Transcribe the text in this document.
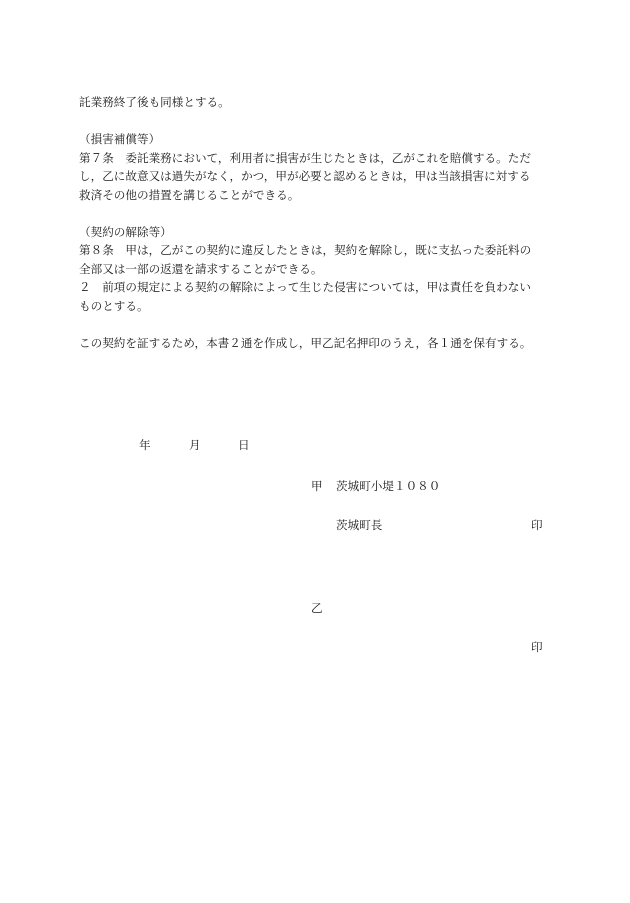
託業務終了後も同様とする。

（損害補償等）

第７条　委託業務において，利用者に損害が生じたときは，乙がこれを賠償する。ただ

し，乙に故意又は過失がなく，かつ，甲が必要と認めるときは，甲は当該損害に対する

救済その他の措置を講じることができる。

（契約の解除等）

第８条　甲は，乙がこの契約に違反したときは，契約を解除し，既に支払った委託料の

全部又は一部の返還を請求することができる。

２　前項の規定による契約の解除によって生じた侵害については，甲は責任を負わない

ものとする。

この契約を証するため，本書２通を作成し，甲乙記名押印のうえ，各１通を保有する。

年	月	日
甲 茨城町小堤１０８０
茨城町長	印
乙
印
